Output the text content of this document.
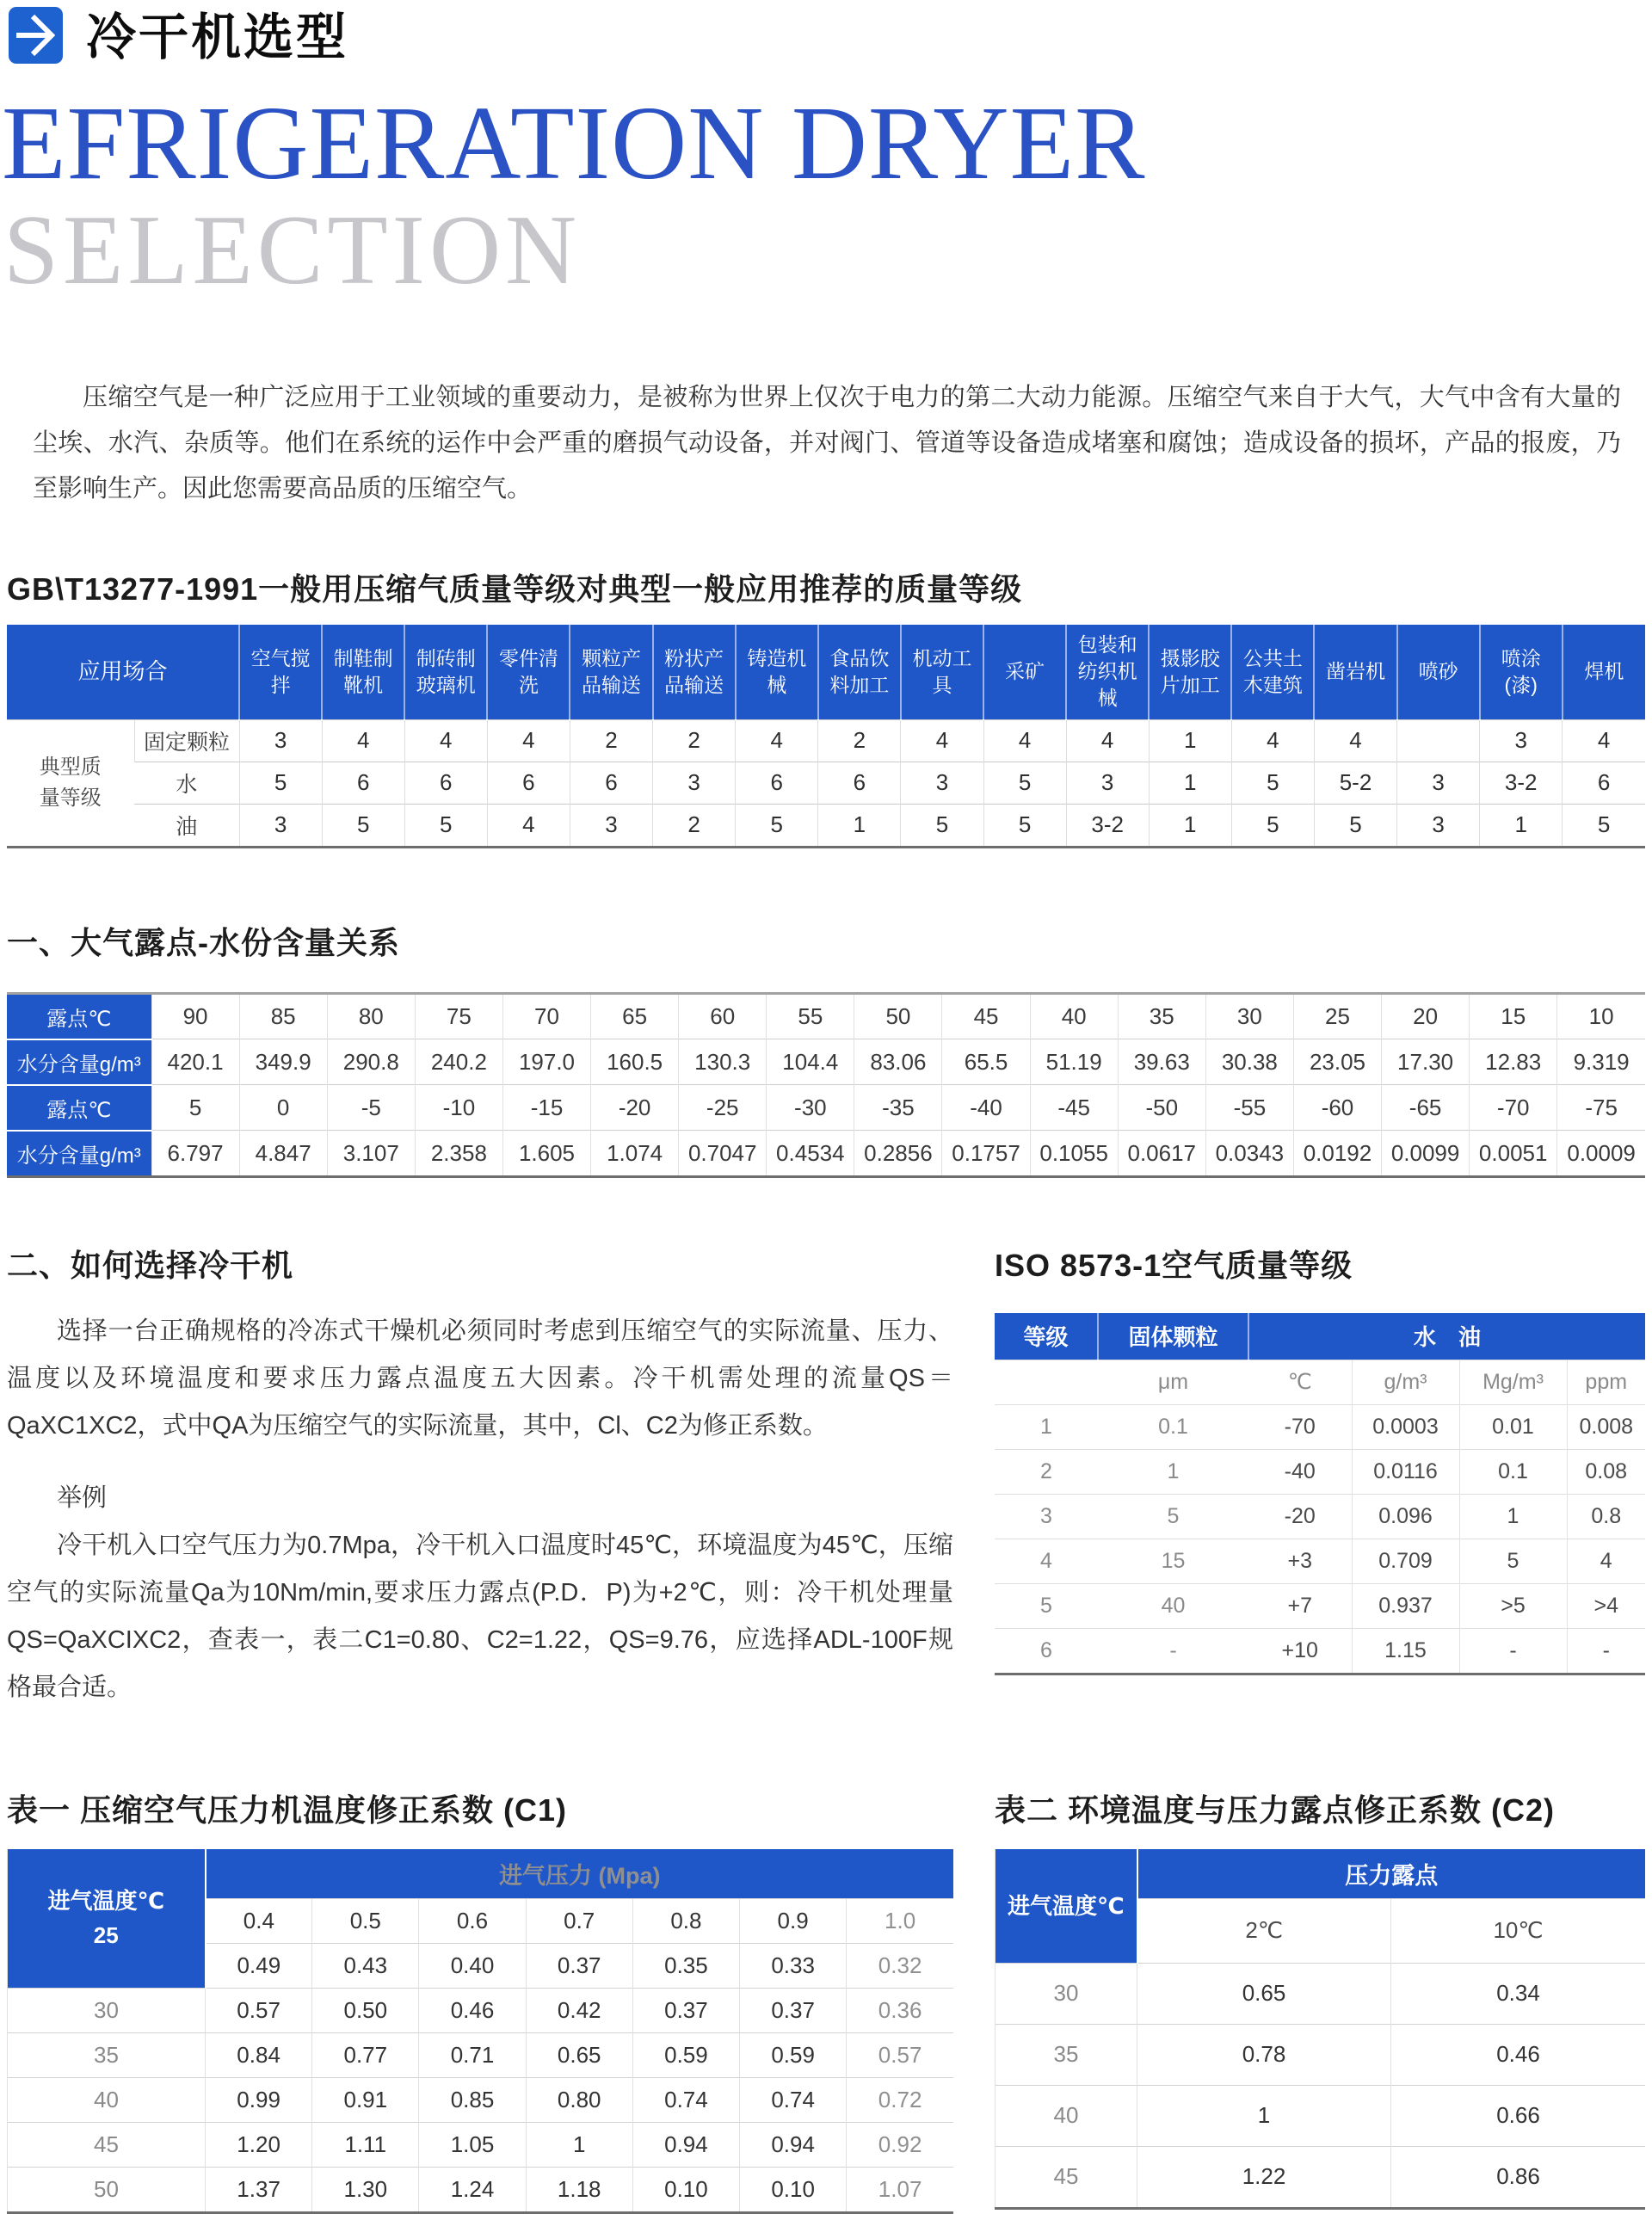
冷干机选型
EFRIGERATION DRYER
SELECTION

压缩空气是一种广泛应用于工业领域的重要动力，是被称为世界上仅次于电力的第二大动力能源。压缩空气来自于大气，大气中含有大量的尘埃、水汽、杂质等。他们在系统的运作中会严重的磨损气动设备，并对阀门、管道等设备造成堵塞和腐蚀；造成设备的损坏，产品的报废，乃至影响生产。因此您需要高品质的压缩空气。

GB\T13277-1991一般用压缩气质量等级对典型一般应用推荐的质量等级
应用场合		空气搅拌	制鞋制靴机	制砖制玻璃机	零件清洗	颗粒产品输送	粉状产品输送	铸造机械	食品饮料加工	机动工具	采矿	包装和纺织机械	摄影胶片加工	公共土木建筑	凿岩机	喷砂	喷涂(漆)	焊机
典型质量等级	固定颗粒	3	4	4	4	2	2	4	2	4	4	4	1	4	4		3	4
	水	5	6	6	6	6	3	6	6	3	5	3	1	5	5-2	3	3-2	6
	油	3	5	5	4	3	2	5	1	5	5	3-2	1	5	5	3	1	5
一、大气露点-水份含量关系
露点℃	90	85	80	75	70	65	60	55	50	45	40	35	30	25	20	15	10
水分含量g/m³	420.1	349.9	290.8	240.2	197.0	160.5	130.3	104.4	83.06	65.5	51.19	39.63	30.38	23.05	17.30	12.83	9.319
露点℃	5	0	-5	-10	-15	-20	-25	-30	-35	-40	-45	-50	-55	-60	-65	-70	-75
水分含量g/m³	6.797	4.847	3.107	2.358	1.605	1.074	0.7047	0.4534	0.2856	0.1757	0.1055	0.0617	0.0343	0.0192	0.0099	0.0051	0.0009
二、如何选择冷干机

选择一台正确规格的冷冻式干燥机必须同时考虑到压缩空气的实际流量、压力、温度以及环境温度和要求压力露点温度五大因素。冷干机需处理的流量QS＝QaXC1XC2，式中QA为压缩空气的实际流量，其中，Cl、C2为修正系数。

举例

冷干机入口空气压力为0.7Mpa，冷干机入口温度时45℃，环境温度为45℃，压缩空气的实际流量Qa为10Nm/min,要求压力露点(P.D．P)为+2℃，则：冷干机处理量QS=QaXCIXC2，查表一，表二C1=0.80、C2=1.22，QS=9.76，应选择ADL-100F规格最合适。

ISO 8573-1空气质量等级
等级	固体颗粒	水　油			
	μm	℃	g/m³	Mg/m³	ppm
1	0.1	-70	0.0003	0.01	0.008
2	1	-40	0.0116	0.1	0.08
3	5	-20	0.096	1	0.8
4	15	+3	0.709	5	4
5	40	+7	0.937	>5	>4
6	-	+10	1.15	-	-
表一 压缩空气压力机温度修正系数 (C1)
进气温度℃
25	进气压力 (Mpa)						
	0.4	0.5	0.6	0.7	0.8	0.9	1.0
	0.49	0.43	0.40	0.37	0.35	0.33	0.32
30	0.57	0.50	0.46	0.42	0.37	0.37	0.36
35	0.84	0.77	0.71	0.65	0.59	0.59	0.57
40	0.99	0.91	0.85	0.80	0.74	0.74	0.72
45	1.20	1.11	1.05	1	0.94	0.94	0.92
50	1.37	1.30	1.24	1.18	0.10	0.10	1.07
表二 环境温度与压力露点修正系数 (C2)
进气温度℃	压力露点	
	2℃	10℃
30	0.65	0.34
35	0.78	0.46
40	1	0.66
45	1.22	0.86
